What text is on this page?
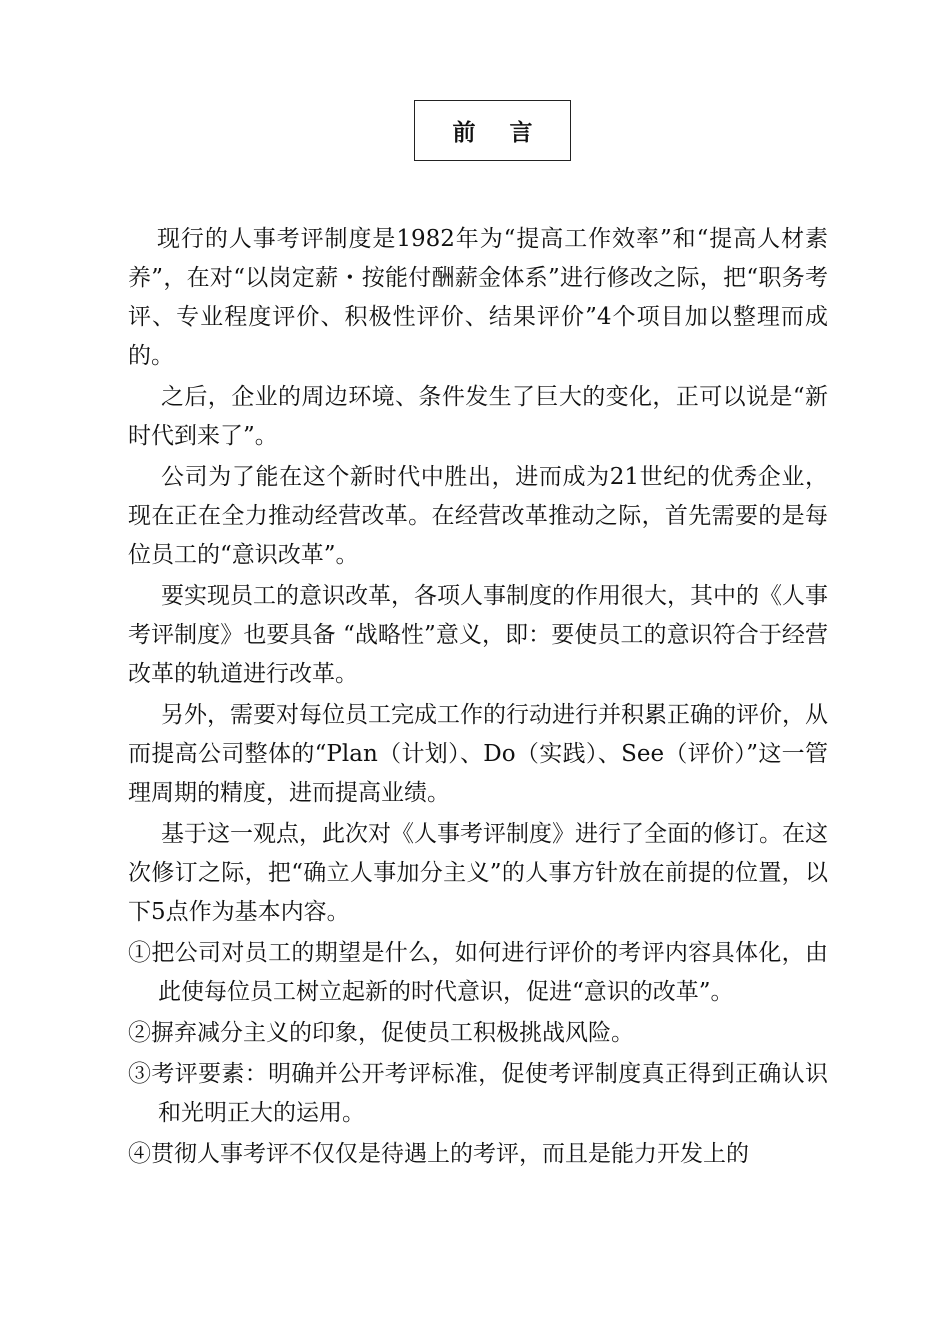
前言

现行的人事考评制度是1982年为“提高工作效率”和“提高人材素养”，在对“以岗定薪・按能付酬薪金体系”进行修改之际，把“职务考评、专业程度评价、积极性评价、结果评价”4个项目加以整理而成的。

之后，企业的周边环境、条件发生了巨大的变化，正可以说是“新时代到来了”。

公司为了能在这个新时代中胜出，进而成为21世纪的优秀企业，现在正在全力推动经营改革。在经营改革推动之际，首先需要的是每位员工的“意识改革”。

要实现员工的意识改革，各项人事制度的作用很大，其中的《人事考评制度》也要具备 “战略性”意义，即：要使员工的意识符合于经营改革的轨道进行改革。

另外，需要对每位员工完成工作的行动进行并积累正确的评价，从而提高公司整体的“Plan（计划）、Do（实践）、See（评价）”这一管理周期的精度，进而提高业绩。

基于这一观点，此次对《人事考评制度》进行了全面的修订。在这次修订之际，把“确立人事加分主义”的人事方针放在前提的位置，以下5点作为基本内容。

①把公司对员工的期望是什么，如何进行评价的考评内容具体化，由此使每位员工树立起新的时代意识，促进“意识的改革”。

②摒弃减分主义的印象，促使员工积极挑战风险。

③考评要素：明确并公开考评标准，促使考评制度真正得到正确认识和光明正大的运用。

④贯彻人事考评不仅仅是待遇上的考评，而且是能力开发上的
